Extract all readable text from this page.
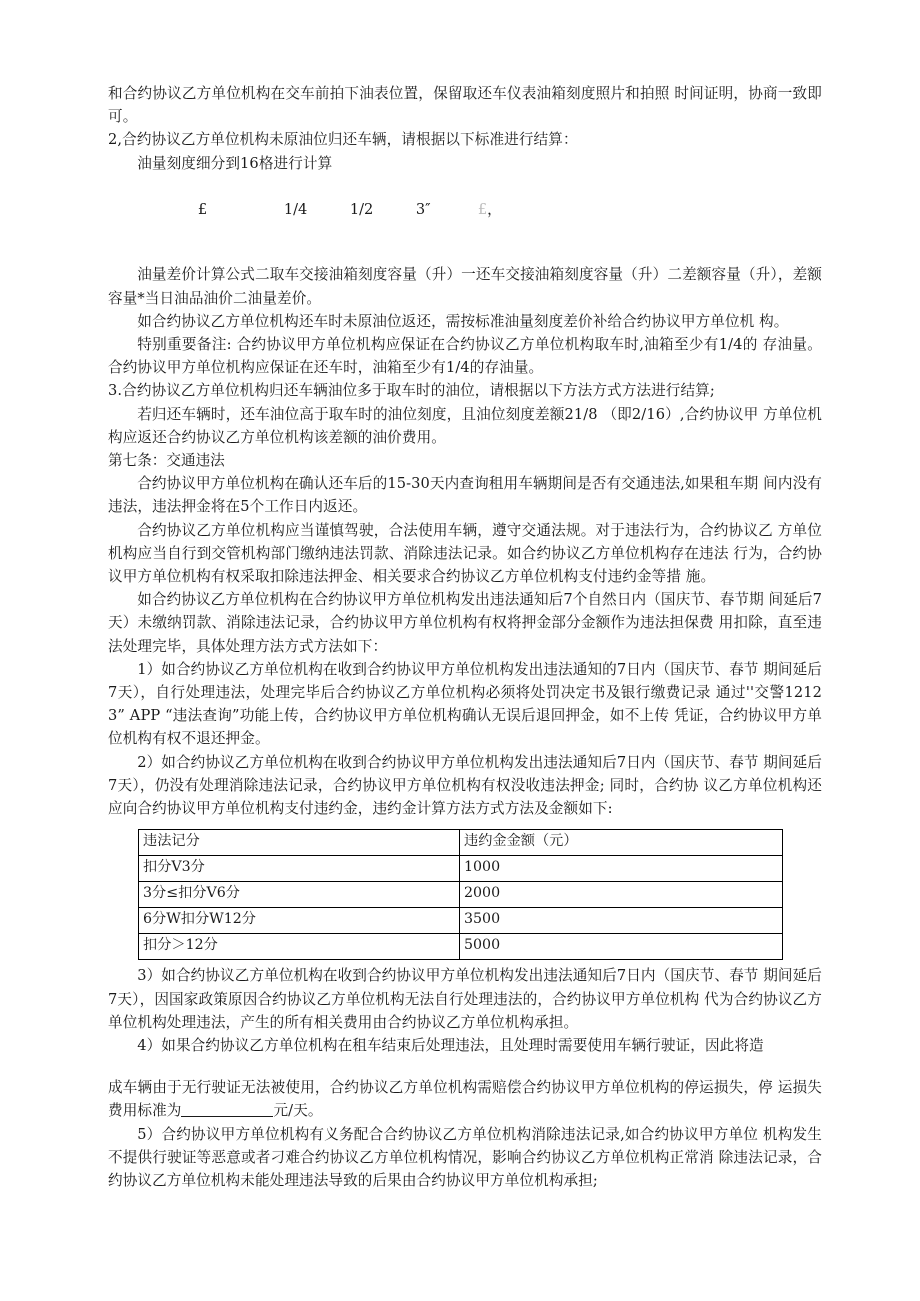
和合约协议乙方单位机构在交车前拍下油表位置，保留取还车仪表油箱刻度照片和拍照 时间证明，协商一致即可。

2,合约协议乙方单位机构未原油位归还车辆，请根据以下标准进行结算：

油量刻度细分到16格进行计算

£	1/4	1/2	3″	£，

油量差价计算公式二取车交接油箱刻度容量（升）一还车交接油箱刻度容量（升）二差额容量（升），差额容量*当日油品油价二油量差价。

如合约协议乙方单位机构还车时未原油位返还，需按标准油量刻度差价补给合约协议甲方单位机 构。

特别重要备注: 合约协议甲方单位机构应保证在合约协议乙方单位机构取车时,油箱至少有1/4的 存油量。合约协议甲方单位机构应保证在还车时，油箱至少有1/4的存油量。

3.合约协议乙方单位机构归还车辆油位多于取车时的油位，请根据以下方法方式方法进行结算;

若归还车辆时，还车油位高于取车时的油位刻度，且油位刻度差额21/8 （即2/16）,合约协议甲 方单位机构应返还合约协议乙方单位机构该差额的油价费用。

第七条：交通违法

合约协议甲方单位机构在确认还车后的15-30天内查询租用车辆期间是否有交通违法,如果租车期 间内没有违法，违法押金将在5个工作日内返还。

合约协议乙方单位机构应当谨慎驾驶，合法使用车辆，遵守交通法规。对于违法行为，合约协议乙 方单位机构应当自行到交管机构部门缴纳违法罚款、消除违法记录。如合约协议乙方单位机构存在违法 行为，合约协议甲方单位机构有权采取扣除违法押金、相关要求合约协议乙方单位机构支付违约金等措 施。

如合约协议乙方单位机构在合约协议甲方单位机构发出违法通知后7个自然日内（国庆节、春节期 间延后7天）未缴纳罚款、消除违法记录，合约协议甲方单位机构有权将押金部分金额作为违法担保费 用扣除，直至违法处理完毕，具体处理方法方式方法如下：

1）如合约协议乙方单位机构在收到合约协议甲方单位机构发出违法通知的7日内（国庆节、春节 期间延后7天），自行处理违法，处理完毕后合约协议乙方单位机构必须将处罚决定书及银行缴费记录 通过''交警12123” APP “违法查询”功能上传，合约协议甲方单位机构确认无误后退回押金，如不上传 凭证，合约协议甲方单位机构有权不退还押金。

2）如合约协议乙方单位机构在收到合约协议甲方单位机构发出违法通知后7日内（国庆节、春节 期间延后7天），仍没有处理消除违法记录，合约协议甲方单位机构有权没收违法押金; 同时，合约协 议乙方单位机构还应向合约协议甲方单位机构支付违约金，违约金计算方法方式方法及金额如下:

违法记分	违约金金额（元）
扣分V3分	1000
3分≤扣分V6分	2000
6分W扣分W12分	3500
扣分＞12分	5000

3）如合约协议乙方单位机构在收到合约协议甲方单位机构发出违法通知后7日内（国庆节、春节 期间延后7天），因国家政策原因合约协议乙方单位机构无法自行处理违法的，合约协议甲方单位机构 代为合约协议乙方单位机构处理违法，产生的所有相关费用由合约协议乙方单位机构承担。

4）如果合约协议乙方单位机构在租车结束后处理违法，且处理时需要使用车辆行驶证，因此将造

成车辆由于无行驶证无法被使用，合约协议乙方单位机构需赔偿合约协议甲方单位机构的停运损失，停 运损失费用标准为	元/天。

5）合约协议甲方单位机构有义务配合合约协议乙方单位机构消除违法记录,如合约协议甲方单位 机构发生不提供行驶证等恶意或者刁难合约协议乙方单位机构情况，影响合约协议乙方单位机构正常消 除违法记录，合约协议乙方单位机构未能处理违法导致的后果由合约协议甲方单位机构承担;
